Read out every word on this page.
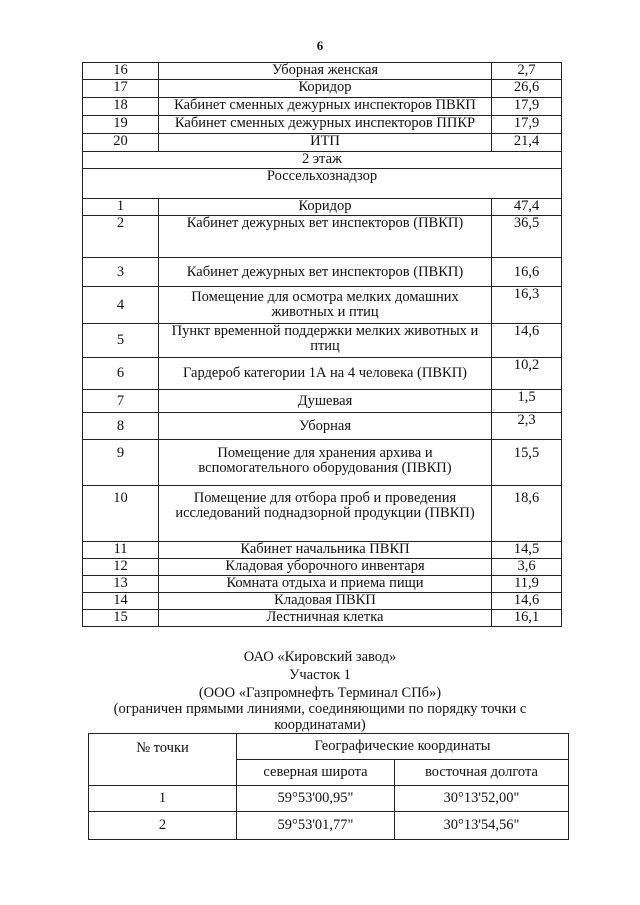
6
16	Уборная женская	2,7
17	Коридор	26,6
18	Кабинет сменных дежурных инспекторов ПВКП	17,9
19	Кабинет сменных дежурных инспекторов ППКР	17,9
20	ИТП	21,4
2 этаж		
Россельхознадзор		
1	Коридор	47,4
2	Кабинет дежурных вет инспекторов (ПВКП)	36,5
3	Кабинет дежурных вет инспекторов (ПВКП)	16,6
4	Помещение для осмотра мелких домашних животных и птиц	16,3
5	Пункт временной поддержки мелких животных и птиц	14,6
6	Гардероб категории 1А на 4 человека (ПВКП)	10,2
7	Душевая	1,5
8	Уборная	2,3
9	Помещение для хранения архива и вспомогательного оборудования (ПВКП)	15,5
10	Помещение для отбора проб и проведения исследований поднадзорной продукции (ПВКП)	18,6
11	Кабинет начальника ПВКП	14,5
12	Кладовая уборочного инвентаря	3,6
13	Комната отдыха и приема пищи	11,9
14	Кладовая ПВКП	14,6
15	Лестничная клетка	16,1
ОАО «Кировский завод»
Участок 1
(ООО «Газпромнефть Терминал СПб»)
(ограничен прямыми линиями, соединяющими по порядку точки с координатами)
№ точки	Географические координаты	
	северная широта	восточная долгота
1	59°53'00,95"	30°13'52,00"
2	59°53'01,77"	30°13'54,56"
